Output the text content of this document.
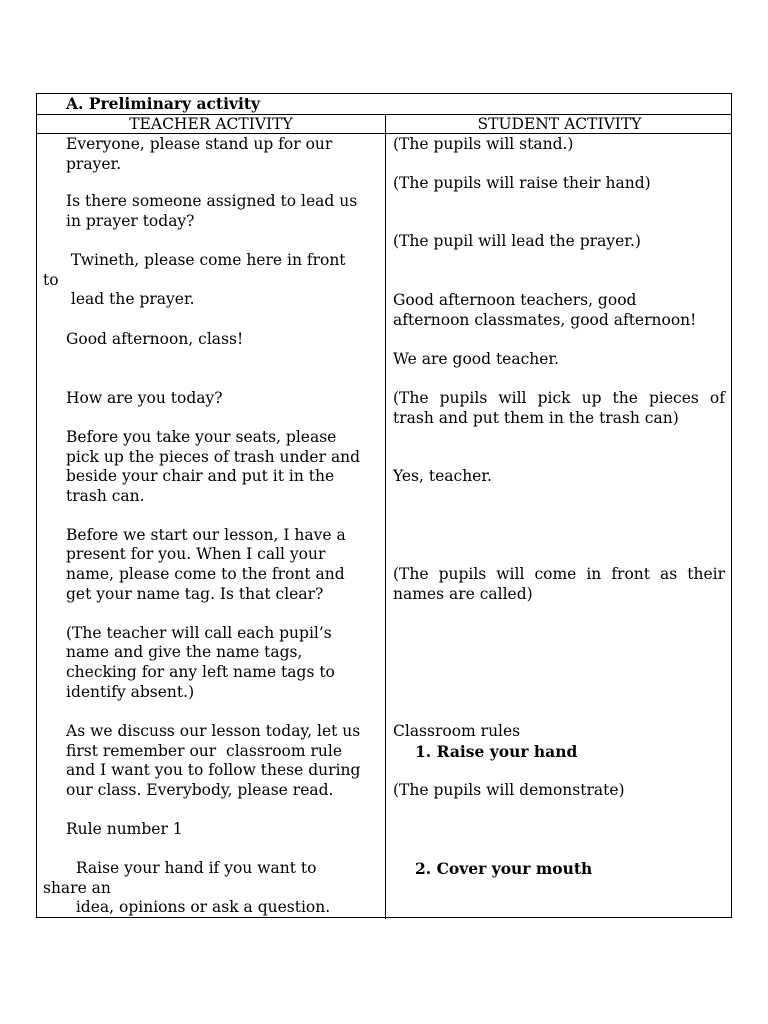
A. Preliminary activity
TEACHER ACTIVITY	STUDENT ACTIVITY
Everyone, please stand up for our
prayer.
Is there someone assigned to lead us
in prayer today?
Twineth, please come here in front
to
lead the prayer.
Good afternoon, class!
How are you today?
Before you take your seats, please
pick up the pieces of trash under and
beside your chair and put it in the
trash can.
Before we start our lesson, I have a
present for you. When I call your
name, please come to the front and
get your name tag. Is that clear?
(The teacher will call each pupil’s
name and give the name tags,
checking for any left name tags to
identify absent.)
As we discuss our lesson today, let us
first remember our  classroom rule
and I want you to follow these during
our class. Everybody, please read.
Rule number 1
Raise your hand if you want to
share an
idea, opinions or ask a question.
(The pupils will stand.)
(The pupils will raise their hand)
(The pupil will lead the prayer.)
Good afternoon teachers, good
afternoon classmates, good afternoon!
We are good teacher.
(The pupils will pick up the pieces of
trash and put them in the trash can)
Yes, teacher.
(The pupils will come in front as their
names are called)
Classroom rules
1. Raise your hand
(The pupils will demonstrate)
2. Cover your mouth
